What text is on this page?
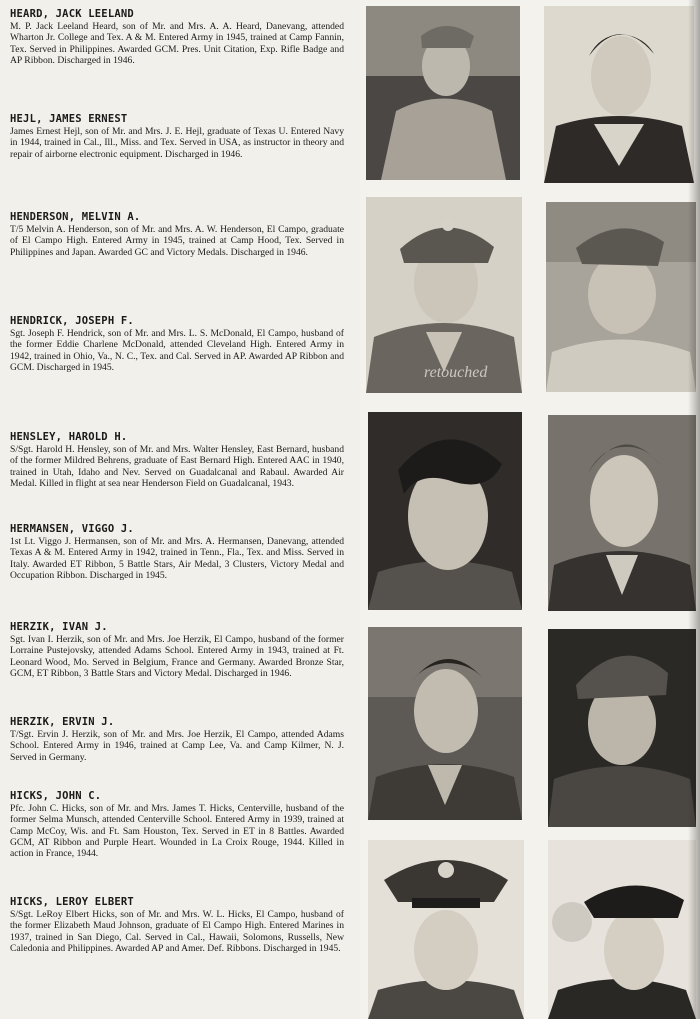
HEARD, JACK LEELAND

M. P. Jack Leeland Heard, son of Mr. and Mrs. A. A. Heard, Danevang, attended Wharton Jr. College and Tex. A & M. Entered Army in 1945, trained at Camp Fannin, Tex. Served in Philippines. Awarded GCM. Pres. Unit Citation, Exp. Rifle Badge and AP Ribbon. Discharged in 1946.

HEJL, JAMES ERNEST

James Ernest Hejl, son of Mr. and Mrs. J. E. Hejl, graduate of Texas U. Entered Navy in 1944, trained in Cal., Ill., Miss. and Tex. Served in USA, as instructor in theory and repair of airborne electronic equipment. Discharged in 1946.

HENDERSON, MELVIN A.

T/5 Melvin A. Henderson, son of Mr. and Mrs. A. W. Henderson, El Campo, graduate of El Campo High. Entered Army in 1945, trained at Camp Hood, Tex. Served in Philippines and Japan. Awarded GC and Victory Medals. Discharged in 1946.

HENDRICK, JOSEPH F.

Sgt. Joseph F. Hendrick, son of Mr. and Mrs. L. S. McDonald, El Campo, husband of the former Eddie Charlene McDonald, attended Cleveland High. Entered Army in 1942, trained in Ohio, Va., N. C., Tex. and Cal. Served in AP. Awarded AP Ribbon and GCM. Discharged in 1945.

HENSLEY, HAROLD H.

S/Sgt. Harold H. Hensley, son of Mr. and Mrs. Walter Hensley, East Bernard, husband of the former Mildred Behrens, graduate of East Bernard High. Entered AAC in 1940, trained in Utah, Idaho and Nev. Served on Guadalcanal and Rabaul. Awarded Air Medal. Killed in flight at sea near Henderson Field on Guadalcanal, 1943.

HERMANSEN, VIGGO J.

1st Lt. Viggo J. Hermansen, son of Mr. and Mrs. A. Hermansen, Danevang, attended Texas A & M. Entered Army in 1942, trained in Tenn., Fla., Tex. and Miss. Served in Italy. Awarded ET Ribbon, 5 Battle Stars, Air Medal, 3 Clusters, Victory Medal and Occupation Ribbon. Discharged in 1945.

HERZIK, IVAN J.

Sgt. Ivan I. Herzik, son of Mr. and Mrs. Joe Herzik, El Campo, husband of the former Lorraine Pustejovsky, attended Adams School. Entered Army in 1943, trained at Ft. Leonard Wood, Mo. Served in Belgium, France and Germany. Awarded Bronze Star, GCM, ET Ribbon, 3 Battle Stars and Victory Medal. Discharged in 1946.

HERZIK, ERVIN J.

T/Sgt. Ervin J. Herzik, son of Mr. and Mrs. Joe Herzik, El Campo, attended Adams School. Entered Army in 1946, trained at Camp Lee, Va. and Camp Kilmer, N. J. Served in Germany.

HICKS, JOHN C.

Pfc. John C. Hicks, son of Mr. and Mrs. James T. Hicks, Centerville, husband of the former Selma Munsch, attended Centerville School. Entered Army in 1939, trained at Camp McCoy, Wis. and Ft. Sam Houston, Tex. Served in ET in 8 Battles. Awarded GCM, AT Ribbon and Purple Heart. Wounded in La Croix Rouge, 1944. Killed in action in France, 1944.

HICKS, LEROY ELBERT

S/Sgt. LeRoy Elbert Hicks, son of Mr. and Mrs. W. L. Hicks, El Campo, husband of the former Elizabeth Maud Johnson, graduate of El Campo High. Entered Marines in 1937, trained in San Diego, Cal. Served in Cal., Hawaii, Solomons, Russells, New Caledonia and Philippines. Awarded AP and Amer. Def. Ribbons. Discharged in 1945.

retouched
